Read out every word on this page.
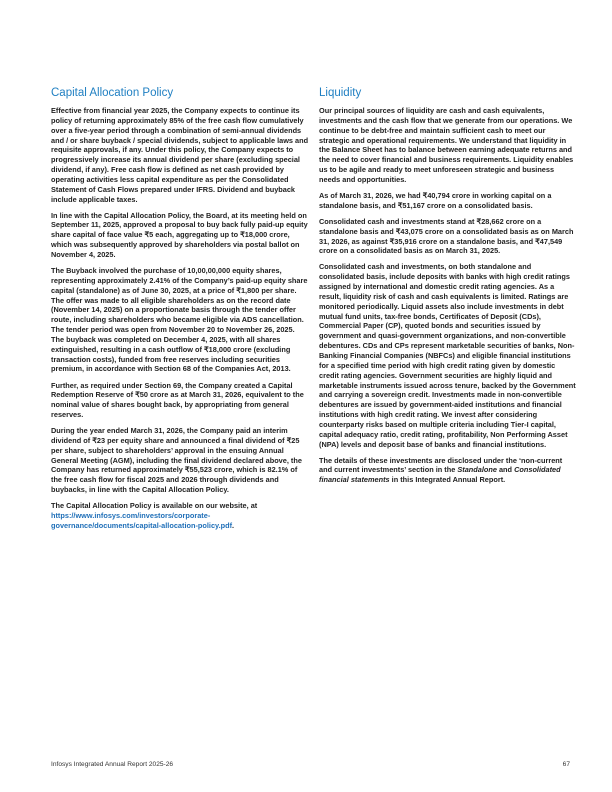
Capital Allocation Policy

Effective from financial year 2025, the Company expects to continue its policy of returning approximately 85% of the free cash flow cumulatively over a five-year period through a combination of semi-annual dividends and / or share buyback / special dividends, subject to applicable laws and requisite approvals, if any. Under this policy, the Company expects to progressively increase its annual dividend per share (excluding special dividend, if any). Free cash flow is defined as net cash provided by operating activities less capital expenditure as per the Consolidated Statement of Cash Flows prepared under IFRS. Dividend and buyback include applicable taxes.

In line with the Capital Allocation Policy, the Board, at its meeting held on September 11, 2025, approved a proposal to buy back fully paid-up equity share capital of face value ₹5 each, aggregating up to ₹18,000 crore, which was subsequently approved by shareholders via postal ballot on November 4, 2025.

The Buyback involved the purchase of 10,00,00,000 equity shares, representing approximately 2.41% of the Company’s paid-up equity share capital (standalone) as of June 30, 2025, at a price of ₹1,800 per share. The offer was made to all eligible shareholders as on the record date (November 14, 2025) on a proportionate basis through the tender offer route, including shareholders who became eligible via ADS cancellation. The tender period was open from November 20 to November 26, 2025. The buyback was completed on December 4, 2025, with all shares extinguished, resulting in a cash outflow of ₹18,000 crore (excluding transaction costs), funded from free reserves including securities premium, in accordance with Section 68 of the Companies Act, 2013.

Further, as required under Section 69, the Company created a Capital Redemption Reserve of ₹50 crore as at March 31, 2026, equivalent to the nominal value of shares bought back, by appropriating from general reserves.

During the year ended March 31, 2026, the Company paid an interim dividend of ₹23 per equity share and announced a final dividend of ₹25 per share, subject to shareholders’ approval in the ensuing Annual General Meeting (AGM), including the final dividend declared above, the Company has returned approximately ₹55,523 crore, which is 82.1% of the free cash flow for fiscal 2025 and 2026 through dividends and buybacks, in line with the Capital Allocation Policy.

The Capital Allocation Policy is available on our website, at https://www.infosys.com/investors/corporate-governance/documents/capital-allocation-policy.pdf.

Liquidity

Our principal sources of liquidity are cash and cash equivalents, investments and the cash flow that we generate from our operations. We continue to be debt-free and maintain sufficient cash to meet our strategic and operational requirements. We understand that liquidity in the Balance Sheet has to balance between earning adequate returns and the need to cover financial and business requirements. Liquidity enables us to be agile and ready to meet unforeseen strategic and business needs and opportunities.

As of March 31, 2026, we had ₹40,794 crore in working capital on a standalone basis, and ₹51,167 crore on a consolidated basis.

Consolidated cash and investments stand at ₹28,662 crore on a standalone basis and ₹43,075 crore on a consolidated basis as on March 31, 2026, as against ₹35,916 crore on a standalone basis, and ₹47,549 crore on a consolidated basis as on March 31, 2025.

Consolidated cash and investments, on both standalone and consolidated basis, include deposits with banks with high credit ratings assigned by international and domestic credit rating agencies. As a result, liquidity risk of cash and cash equivalents is limited. Ratings are monitored periodically. Liquid assets also include investments in debt mutual fund units, tax-free bonds, Certificates of Deposit (CDs), Commercial Paper (CP), quoted bonds and securities issued by government and quasi-government organizations, and non-convertible debentures. CDs and CPs represent marketable securities of banks, Non-Banking Financial Companies (NBFCs) and eligible financial institutions for a specified time period with high credit rating given by domestic credit rating agencies. Government securities are highly liquid and marketable instruments issued across tenure, backed by the Government and carrying a sovereign credit. Investments made in non-convertible debentures are issued by government-aided institutions and financial institutions with high credit rating. We invest after considering counterparty risks based on multiple criteria including Tier-I capital, capital adequacy ratio, credit rating, profitability, Non Performing Asset (NPA) levels and deposit base of banks and financial institutions.

The details of these investments are disclosed under the ‘non-current and current investments’ section in the Standalone and Consolidated financial statements in this Integrated Annual Report.

Infosys Integrated Annual Report 2025-26	67
